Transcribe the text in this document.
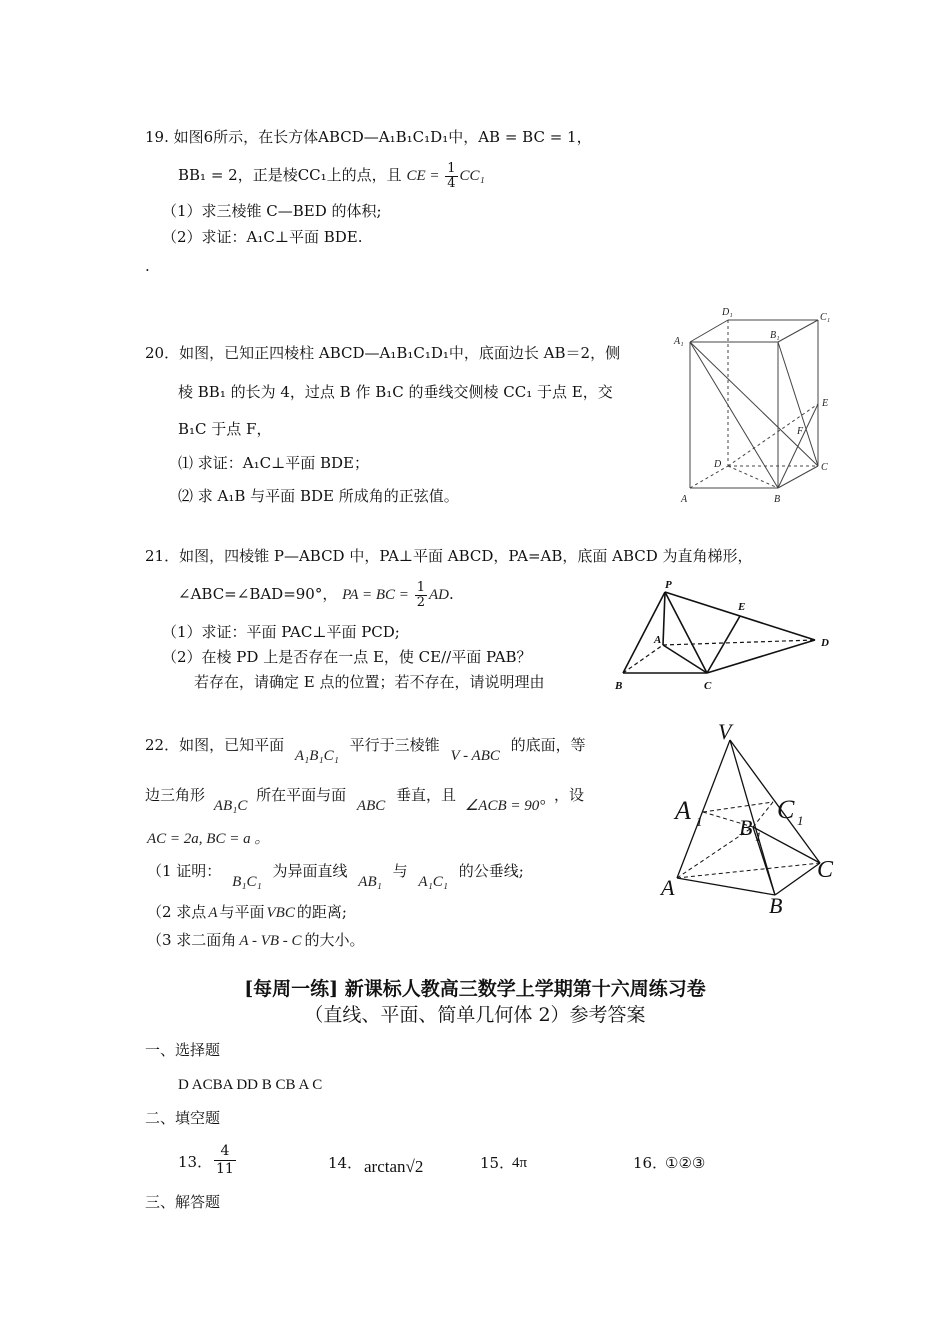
19. 如图6所示，在长方体ABCD—A₁B₁C₁D₁中，AB = BC = 1，
BB₁ = 2，正是棱CC₁上的点，且 CE = $\frac{1}{4} CC_1$
（1）求三棱锥 C—BED 的体积;
（2）求证：A₁C⊥平面 BDE.
.
20．如图，已知正四棱柱 ABCD—A₁B₁C₁D₁中，底面边长 AB＝2，侧
棱 BB₁ 的长为 4，过点 B 作 B₁C 的垂线交侧棱 CC₁ 于点 E，交
B₁C 于点 F，
⑴ 求证：A₁C⊥平面 BDE；
⑵ 求 A₁B 与平面 BDE 所成角的正弦值。
D₁	C₁
A₁
B₁
E
F
D	C
A	B
21．如图，四棱锥 P—ABCD 中，PA⊥平面 ABCD，PA=AB，底面 ABCD 为直角梯形，
∠ABC=∠BAD=90°， PA = BC = $\frac{1}{2}$ AD.
（1）求证：平面 PAC⊥平面 PCD;
（2）在棱 PD 上是否存在一点 E，使 CE//平面 PAB？
若存在，请确定 E 点的位置；若不存在，请说明理由
P
E
A	D
B	C
22．如图，已知平面 A₁B₁C₁ 平行于三棱锥 V - ABC 的底面，等
边三角形 AB₁C 所在平面与面 ABC 垂直，且 ∠ACB = 90° ，设
AC = 2a, BC = a 。
（1 证明： B₁C₁ 为异面直线 AB₁ 与 A₁C₁ 的公垂线;
（2 求点 A 与平面 VBC 的距离;
（3 求二面角 A - VB - C 的大小。
V
A 1	C 1
B 1
C
A
B
[每周一练] 新课标人教高三数学上学期第十六周练习卷
（直线、平面、简单几何体 2）参考答案
一、选择题
D ACBA DD B CB A C
二、填空题
13． $\frac{4}{11}$	14． arctan√2	15．
4π	16．
①②③
三、解答题
